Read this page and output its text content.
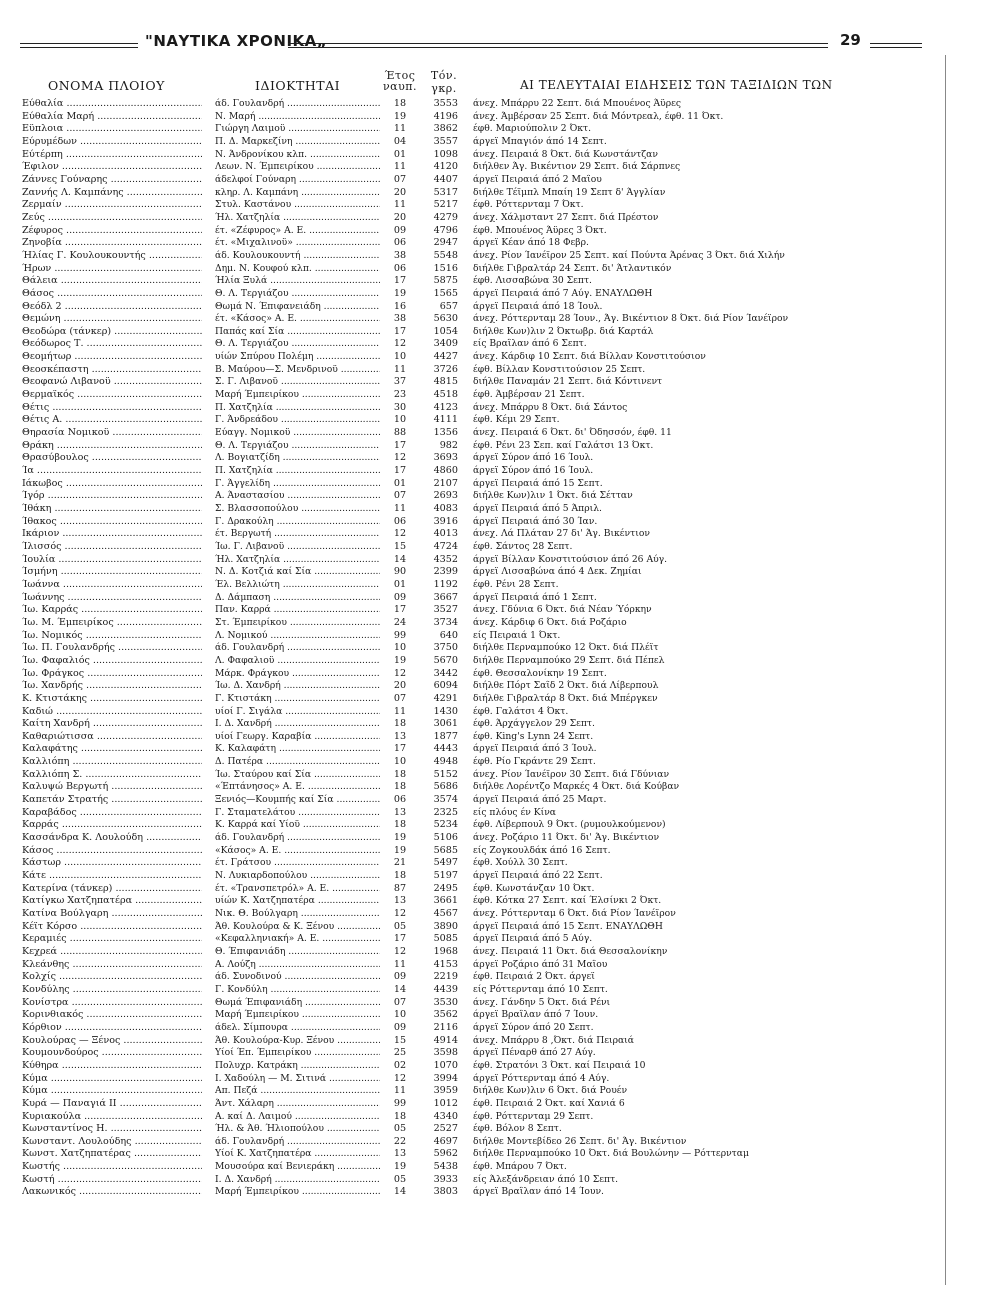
"ΝΑΥΤΙΚΑ ΧΡΟΝΙΚΑ„	29
ΟΝΟΜΑ ΠΛΟΙΟΥ	ΙΔΙΟΚΤΗΤΑΙ
Έτος
ναυπ.
Τόν.
γκρ.	ΑΙ ΤΕΛΕΥΤΑΙΑΙ ΕΙΔΗΣΕΙΣ ΤΩΝ ΤΑΞΙΔΙΩΝ ΤΩΝ
Εύθαλία .....	άδ. Γουλανδρή .....	18	3553 άνεχ. Μπάρρυ 22 Σεπτ. διά Μπουένος Άϋρες
Εύθαλία Μαρή .....	Ν. Μαρή .....	19	4196 άνεχ. Άμβέρσαν 25 Σεπτ. διά Μόντρεαλ, έφθ. 11 Όκτ.
Εϋπλοια .....	Γιώργη Λαιμοϋ .....	11	3862 έφθ. Μαριούπολιν 2 Όκτ.
Εύρυμέδων .....	Π. Δ. Μαρκεζίνη .....	04	3557 άργεϊ Μπαγιόν άπό 14 Σεπτ.
Εύτέρπη .....	Ν. Άνδρονίκου κλπ. .....	01	1098 άνεχ. Πειραιά 8 Όκτ. διά Κωνστάντζαν
Έφιλον .....	Λεων. Ν. Έμπειρίκου .....	11	4120 διήλθεν Άγ. Βικέντιον 29 Σεπτ. διά Σάρπνες
Ζάννες Γούναρης .....	άδελφοί Γούναρη .....	07	4407 άργεϊ Πειραιά άπό 2 Μαΐου
Ζαννής Λ. Καμπάνης .....	κληρ. Λ. Καμπάνη .....	20	5317 διήλθε Τέϊμπλ Μπαίη 19 Σεπτ δ' Άγγλίαν
Ζερμαίν .....	Στυλ. Καστάνου .....	11	5217 έφθ. Ρόττερνταμ 7 Όκτ.
Ζεύς .....	Ήλ. Χατζηλία .....	20	4279 άνεχ. Χάλμσταντ 27 Σεπτ. διά Πρέστον
Ζέφυρος .....	έτ. «Ζέφυρος» Α. Ε. .....	09	4796 έφθ. Μπουένος Άϋρες 3 Όκτ.
Ζηνοβία .....	έτ. «Μιχαλινοϋ» .....	06	2947 άργεϊ Κέαν άπό 18 Φεβρ.
Ήλίας Γ. Κουλουκουντής .....	άδ. Κουλουκουντή .....	38	5548 άνεχ. Ρίον Ίανέϊρον 25 Σεπτ. καί Πούντα Άρένας 3 Όκτ. διά Χιλήν
Ήρων .....	Δημ. Ν. Κουφού κλπ. .....	06	1516 διήλθε Γιβραλτάρ 24 Σεπτ. δι' Άτλαντικόν
Θάλεια .....	Ήλία Ξυλά .....	17	5875 έφθ. Λισσαβώνα 30 Σεπτ.
Θάσος .....	Θ. Λ. Τεργιάζου .....	19	1565 άργεϊ Πειραιά άπό 7 Αύγ. ΕΝΑΥΛΩΘΗ
Θεόδλ 2 .....	Θωμά Ν. Έπιφανειάδη .....	16	657 άργεϊ Πειραιά άπό 18 Ίουλ.
Θεμώνη .....	έτ. «Κάσος» Α. Ε. .....	38	5630 άνεχ. Ρόττερνταμ 28 Ίουν., Άγ. Βικέντιον 8 Όκτ. διά Ρίον Ίανέϊρον
Θεοδώρα (τάνκερ) .....	Παπάς καί Σία .....	17	1054 διήλθε Κων)λιν 2 Όκτωβρ. διά Καρτάλ
Θεόδωρος Τ. .....	Θ. Λ. Τεργιάζου .....	12	3409 είς Βραΐλαν άπό 6 Σεπτ.
Θεομήτωρ .....	υίών Σπύρου Πολέμη .....	10	4427 άνεχ. Κάρδιφ 10 Σεπτ. διά Βίλλαν Κονστιτούσιον
Θεοσκέπαστη .....	Β. Μαύρου—Σ. Μενδρινοϋ .....	11	3726 έφθ. Βίλλαν Κονστιτούσιον 25 Σεπτ.
Θεοφανώ Λιβανοϋ .....	Σ. Γ. Λιβανοϋ .....	37	4815 διήλθε Παναμάν 21 Σεπτ. διά Κόντινεντ
Θερμαϊκός .....	Μαρή Έμπειρίκου .....	23	4518 έφθ. Άμβέρσαν 21 Σεπτ.
Θέτις .....	Π. Χατζηλία .....	30	4123 άνεχ. Μπάρρυ 8 Όκτ. διά Σάντος
Θέτις Α. .....	Γ. Άνδρεάδου .....	10	4111 έφθ. Κέμι 29 Σεπτ.
Θηρασία Νομικοϋ .....	Εύαγγ. Νομικοϋ .....	88	1356 άνεχ. Πειραιά 6 Όκτ. δι' Όδησσόν, έφθ. 11
Θράκη .....	Θ. Λ. Τεργιάζου .....	17	982 έφθ. Ρένι 23 Σεπ. καί Γαλάτσι 13 Όκτ.
Θρασύβουλος .....	Λ. Βογιατζίδη .....	12	3693 άργεϊ Σύρον άπό 16 Ίουλ.
Ία .....	Π. Χατζηλία .....	17	4860 άργεϊ Σύρον άπό 16 Ίουλ.
Ιάκωβος .....	Γ. Άγγελίδη .....	01	2107 άργεϊ Πειραιά άπό 15 Σεπτ.
Ίγόρ .....	Α. Άναστασίου .....	07	2693 διήλθε Κων)λιν 1 Όκτ. διά Σέτταν
Ίθάκη .....	Σ. Βλασσοπούλου .....	11	4083 άργεϊ Πειραιά άπό 5 Άπριλ.
Ίθακος .....	Γ. Δρακούλη .....	06	3916 άργεϊ Πειραιά άπό 30 Ίαν.
Ικάριον .....	έτ. Βεργωτή .....	12	4013 άνεχ. Λά Πλάταν 27 δι' Άγ. Βικέντιον
Ίλισσός .....	Ίω. Γ. Λιβανοϋ .....	15	4724 έφθ. Σάντος 28 Σεπτ.
Ίουλία .....	Ήλ. Χατζηλία .....	14	4352 άργεϊ Βίλλαν Κονστιτούσιον άπό 26 Αύγ.
Ίσμήνη .....	Ν. Δ. Κοτζιά καί Σία .....	90	2399 άργεϊ Λισσαβώνα άπό 4 Δεκ. Ζημίαι
Ίωάννα .....	Έλ. Βελλιώτη .....	01	1192 έφθ. Ρένι 28 Σεπτ.
Ίωάννης .....	Δ. Δάμπαση .....	09	3667 άργεϊ Πειραιά άπό 1 Σεπτ.
Ίω. Καρράς .....	Παν. Καρρά .....	17	3527 άνεχ. Γδύνια 6 Όκτ. διά Νέαν Ύόρκην
Ίω. Μ. Έμπειρίκος .....	Στ. Έμπειρίκου .....	24	3734 άνεχ. Κάρδιφ 6 Όκτ. διά Ροζάριο
Ίω. Νομικός .....	Λ. Νομικού .....	99	640 είς Πειραιά 1 Όκτ.
Ίω. Π. Γουλανδρής .....	άδ. Γουλανδρή .....	10	3750 διήλθε Περναμπούκο 12 Όκτ. διά Πλέϊτ
Ίω. Φαφαλιός .....	Λ. Φαφαλιοϋ .....	19	5670 διήλθε Περναμπούκο 29 Σεπτ. διά Πέπελ
Ίω. Φράγκος .....	Μάρκ. Φράγκου .....	12	3442 έφθ. Θεσσαλονίκην 19 Σεπτ.
Ίω. Χανδρής .....	Ίω. Δ. Χανδρή .....	20	6094 διήλθε Πόρτ Σαΐδ 2 Όκτ. διά Λίβερπουλ
Κ. Κτιστάκης .....	Γ. Κτιστάκη .....	07	4291 διήλθε Γιβραλτάρ 8 Όκτ. διά Μπέργκεν
Καδιώ .....	υίοί Γ. Σιγάλα .....	11	1430 έφθ. Γαλάτσι 4 Όκτ.
Καίτη Χανδρή .....	Ι. Δ. Χανδρή .....	18	3061 έφθ. Άρχάγγελον 29 Σεπτ.
Καθαριώτισσα .....	υίοί Γεωργ. Καραβία .....	13	1877 έφθ. King's Lynn 24 Σεπτ.
Καλαφάτης .....	Κ. Καλαφάτη .....	17	4443 άργεϊ Πειραιά άπό 3 Ίουλ.
Καλλιόπη .....	Δ. Πατέρα .....	10	4948 έφθ. Ρίο Γκράντε 29 Σεπτ.
Καλλιόπη Σ. .....	Ίω. Σταύρου καί Σία .....	18	5152 άνεχ. Ρίον Ίανέϊρον 30 Σεπτ. διά Γδύνιαν
Καλυψώ Βεργωτή .....	«Έπτάνησος» Α. Ε. .....	18	5686 διήλθε Λορέντζο Μαρκές 4 Όκτ. διά Κούβαν
Καπετάν Στρατής .....	Ξενιός—Κουμπής καί Σία .....	06	3574 άργεϊ Πειραιά άπό 25 Μαρτ.
Καραβάδος .....	Γ. Σταματελάτου .....	13	2325 είς πλόυς έν Κίνα
Καρράς .....	Κ. Καρρά καί Υίοϋ .....	18	5234 έφθ. Λίβερπουλ 9 Όκτ. (ρυμουλκούμενον)
Κασσάνδρα Κ. Λουλούδη .....	άδ. Γουλανδρή .....	19	5106 άνεχ. Ροζάριο 11 Όκτ. δι' Άγ. Βικέντιον
Κάσος .....	«Κάσος» Α. Ε. .....	19	5685 είς Ζογκουλδάκ άπό 16 Σεπτ.
Κάστωρ .....	έτ. Γράτσου .....	21	5497 έφθ. Χούλλ 30 Σεπτ.
Κάτε .....	Ν. Λυκιαρδοπούλου .....	18	5197 άργεϊ Πειραιά άπό 22 Σεπτ.
Κατερίνα (τάνκερ) .....	έτ. «Τρανσπετρόλ» Α. Ε. .....	87	2495 έφθ. Κωνστάνζαν 10 Όκτ.
Κατίγκω Χατζηπατέρα .....	υίών Κ. Χατζηπατέρα .....	13	3661 έφθ. Κότκα 27 Σεπτ. καί Έλσίνκι 2 Όκτ.
Κατίνα Βούλγαρη .....	Νικ. Θ. Βούλγαρη .....	12	4567 άνεχ. Ρόττερνταμ 6 Όκτ. διά Ρίον Ίανέϊρον
Κέϊτ Κόρσο .....	Άθ. Κουλούρα & Κ. Ξένου .....	05	3890 άργεϊ Πειραιά άπό 15 Σεπτ. ΕΝΑΥΛΩΘΗ
Κεραμιές .....	«Κεφαλληνιακή» Α. Ε. .....	17	5085 άργεϊ Πειραιά άπό 5 Αύγ.
Κεχρεά .....	Θ. Έπιφανιάδη .....	12	1968 άνεχ. Πειραιά 11 Όκτ. διά Θεσσαλονίκην
Κλεάνθης .....	Α. Λούζη .....	11	4153 άργεϊ Ροζάριο άπό 31 Μαΐου
Κολχίς .....	άδ. Συνοδινού .....	09	2219 έφθ. Πειραιά 2 Όκτ. άργεϊ
Κονδύλης .....	Γ. Κονδύλη .....	14	4439 είς Ρόττερνταμ άπό 10 Σεπτ.
Κονίστρα .....	Θωμά Έπιφανιάδη .....	07	3530 άνεχ. Γάνδην 5 Όκτ. διά Ρένι
Κορινθιακός .....	Μαρή Έμπειρίκου .....	10	3562 άργεϊ Βραΐλαν άπό 7 Ίουν.
Κόρθιον .....	άδελ. Σίμπουρα .....	09	2116 άργεϊ Σύρον άπό 20 Σεπτ.
Κουλούρας — Ξένος .....	Άθ. Κουλούρα-Κυρ. Ξένου .....	15	4914 άνεχ. Μπάρρυ 8 ,Όκτ. διά Πειραιά
Κουμουνδούρος .....	Υίοί Έπ. Έμπειρίκου .....	25	3598 άργεϊ Πέναρθ άπό 27 Αύγ.
Κύθηρα .....	Πολυχρ. Κατράκη .....	02	1070 έφθ. Στρατόνι 3 Όκτ. καί Πειραιά 10
Κύμα .....	Ι. Χαδούλη — Μ. Σιτινά .....	12	3994 άργεϊ Ρόττερνταμ άπό 4 Αύγ.
Κύμα .....	Απ. Πεζά .....	11	3959 διήλθε Κων)λιν 6 Όκτ. διά Ρουέν
Κυρά — Παναγιά ΙΙ .....	Άντ. Χάλαρη .....	99	1012 έφθ. Πειραιά 2 Όκτ. καί Χανιά 6
Κυριακούλα .....	Α. καί Δ. Λαιμού .....	18	4340 έφθ. Ρόττερνταμ 29 Σεπτ.
Κωνσταντίνος Η. .....	Ήλ. & Άθ. Ήλιοπούλου .....	05	2527 έφθ. Βόλον 8 Σεπτ.
Κωνσταντ. Λουλούδης .....	άδ. Γουλανδρή .....	22	4697 διήλθε Μοντεβίδεο 26 Σεπτ. δι' Άγ. Βικέντιον
Κωνστ. Χατζηπατέρας .....	Υίοί Κ. Χατζηπατέρα .....	13	5962 διήλθε Περναμπούκο 10 Όκτ. διά Βουλώνην — Ρόττερνταμ
Κωστής .....	Μουσούρα καί Βενιεράκη .....	19	5438 έφθ. Μπάρου 7 Όκτ.
Κωστή .....	Ι. Δ. Χανδρή .....	05	3933 είς Άλεξάνδρειαν άπό 10 Σεπτ.
Λακωνικός .....	Μαρή Έμπειρίκου .....	14	3803 άργεϊ Βραΐλαν άπό 14 Ίουν.
